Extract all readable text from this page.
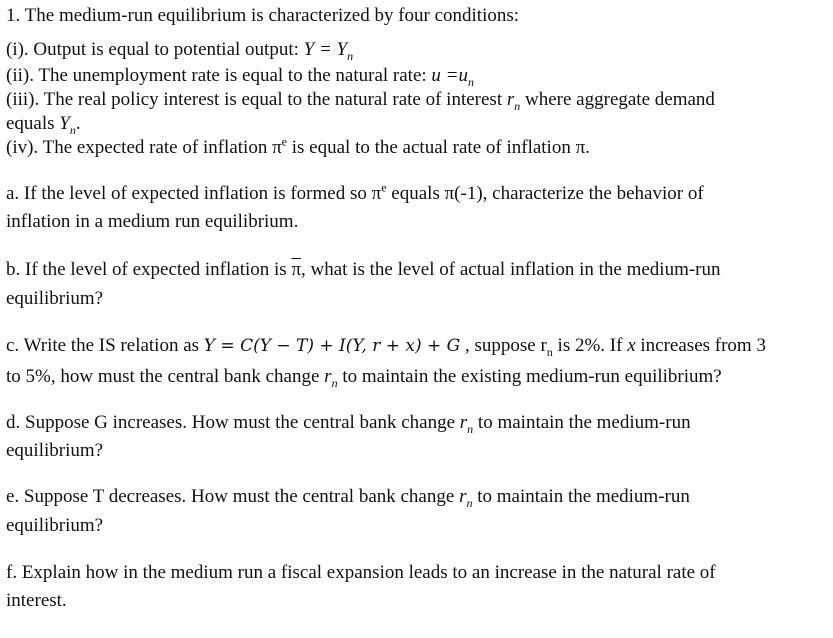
1. The medium-run equilibrium is characterized by four conditions:
(i). Output is equal to potential output: $Y = Y_n$
(ii). The unemployment rate is equal to the natural rate: $u =u_n$
(iii). The real policy interest is equal to the natural rate of interest $r_n$ where aggregate demand
equals $Y_n$.
(iv). The expected rate of inflation $\pi^e$ is equal to the actual rate of inflation π.
a. If the level of expected inflation is formed so $\pi^e$ equals π(-1), characterize the behavior of
inflation in a medium run equilibrium.
b. If the level of expected inflation is $\overline{\pi}$, what is the level of actual inflation in the medium-run
equilibrium?
c. Write the IS relation as Y = C(Y − T) + I(Y, r + x) + G , suppose $r_n$ is 2%. If x increases from 3
to 5%, how must the central bank change $r_n$ to maintain the existing medium-run equilibrium?
d. Suppose G increases. How must the central bank change $r_n$ to maintain the medium-run
equilibrium?
e. Suppose T decreases. How must the central bank change $r_n$ to maintain the medium-run
equilibrium?
f. Explain how in the medium run a fiscal expansion leads to an increase in the natural rate of
interest.
